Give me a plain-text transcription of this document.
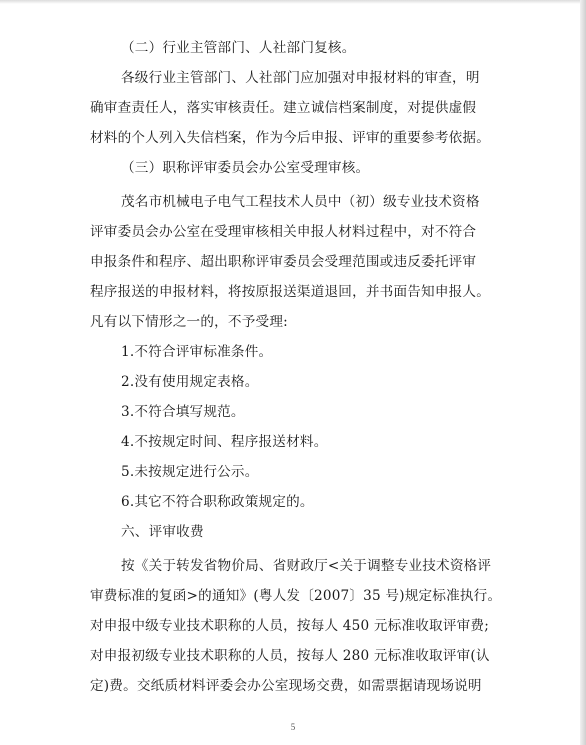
（二）行业主管部门、人社部门复核。
各级行业主管部门、人社部门应加强对申报材料的审查，明
确审查责任人，落实审核责任。建立诚信档案制度，对提供虚假
材料的个人列入失信档案，作为今后申报、评审的重要参考依据。
（三）职称评审委员会办公室受理审核。
茂名市机械电子电气工程技术人员中（初）级专业技术资格
评审委员会办公室在受理审核相关申报人材料过程中，对不符合
申报条件和程序、超出职称评审委员会受理范围或违反委托评审
程序报送的申报材料，将按原报送渠道退回，并书面告知申报人。
凡有以下情形之一的，不予受理:
1.不符合评审标准条件。
2.没有使用规定表格。
3.不符合填写规范。
4.不按规定时间、程序报送材料。
5.未按规定进行公示。
6.其它不符合职称政策规定的。
六、评审收费
按《关于转发省物价局、省财政厅<关于调整专业技术资格评
审费标准的复函>的通知》(粤人发〔2007〕35 号)规定标准执行。
对申报中级专业技术职称的人员，按每人 450 元标准收取评审费;
对申报初级专业技术职称的人员，按每人 280 元标准收取评审(认
定)费。交纸质材料评委会办公室现场交费，如需票据请现场说明
5
